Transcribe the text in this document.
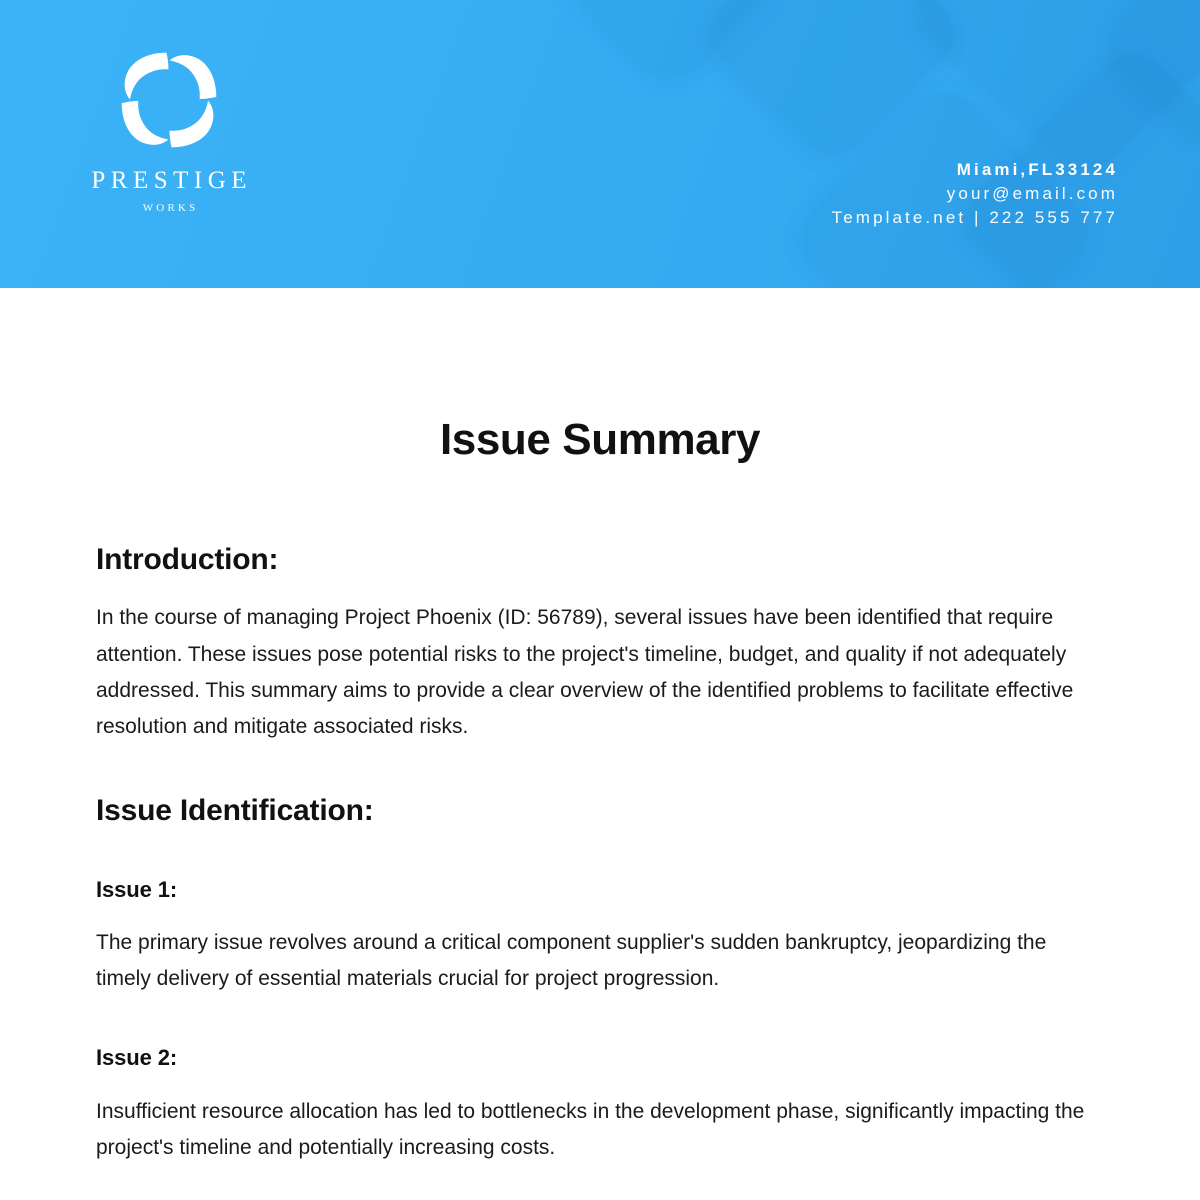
PRESTIGE
WORKS
Miami,FL33124
your@email.com
Template.net | 222 555 777
Issue Summary
Introduction:

In the course of managing Project Phoenix (ID: 56789), several issues have been identified that require attention. These issues pose potential risks to the project's timeline, budget, and quality if not adequately addressed. This summary aims to provide a clear overview of the identified problems to facilitate effective resolution and mitigate associated risks.

Issue Identification:
Issue 1:

The primary issue revolves around a critical component supplier's sudden bankruptcy, jeopardizing the timely delivery of essential materials crucial for project progression.

Issue 2:

Insufficient resource allocation has led to bottlenecks in the development phase, significantly impacting the project's timeline and potentially increasing costs.
